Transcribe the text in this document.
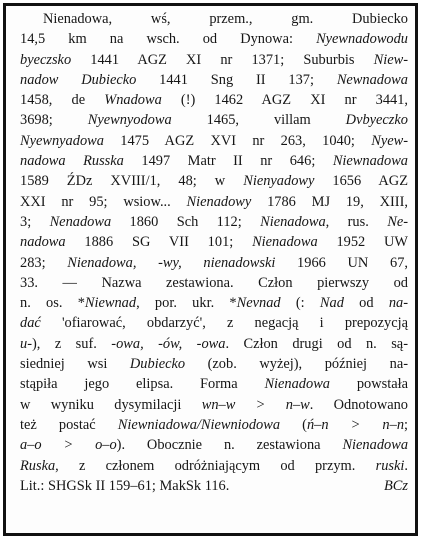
Nienadowa, wś, przem., gm. Dubiecko
14,5 km na wsch. od Dynowa: Nyewnadowodu
byeczsko 1441 AGZ XI nr 1371; Suburbis Niew-
nadow Dubiecko 1441 Sng II 137; Newnadowa
1458, de Wnadowa (!) 1462 AGZ XI nr 3441,
3698; Nyewnyodowa 1465, villam Dvbyeczko
Nyewnyadowa 1475 AGZ XVI nr 263, 1040; Nyew-
nadowa Russka 1497 Matr II nr 646; Niewnadowa
1589 ŹDz XVIII/1, 48; w Nienyadowy 1656 AGZ
XXI nr 95; wsiow... Nienadowy 1786 MJ 19, XIII,
3; Nenadowa 1860 Sch 112; Nienadowa, rus. Ne-
nadowa 1886 SG VII 101; Nienadowa 1952 UW
283; Nienadowa, -wy, nienadowski 1966 UN 67,
33. — Nazwa zestawiona. Człon pierwszy od
n. os. *Niewnad, por. ukr. *Nevnad (: Nad od na-
dać 'ofiarować, obdarzyć', z negacją i prepozycją
u-), z suf. -owa, -ów, -owa. Człon drugi od n. są-
siedniej wsi Dubiecko (zob. wyżej), później na-
stąpiła jego elipsa. Forma Nienadowa powstała
w wyniku dysymilacji wn–w > n–w. Odnotowano
też postać Niewniadowa/Niewniodowa (ń–n > n–n;
a–o > o–o). Obocznie n. zestawiona Nienadowa
Ruska, z członem odróżniającym od przym. ruski.
Lit.: SHGSk II 159–61; MakSk 116.	BCz
